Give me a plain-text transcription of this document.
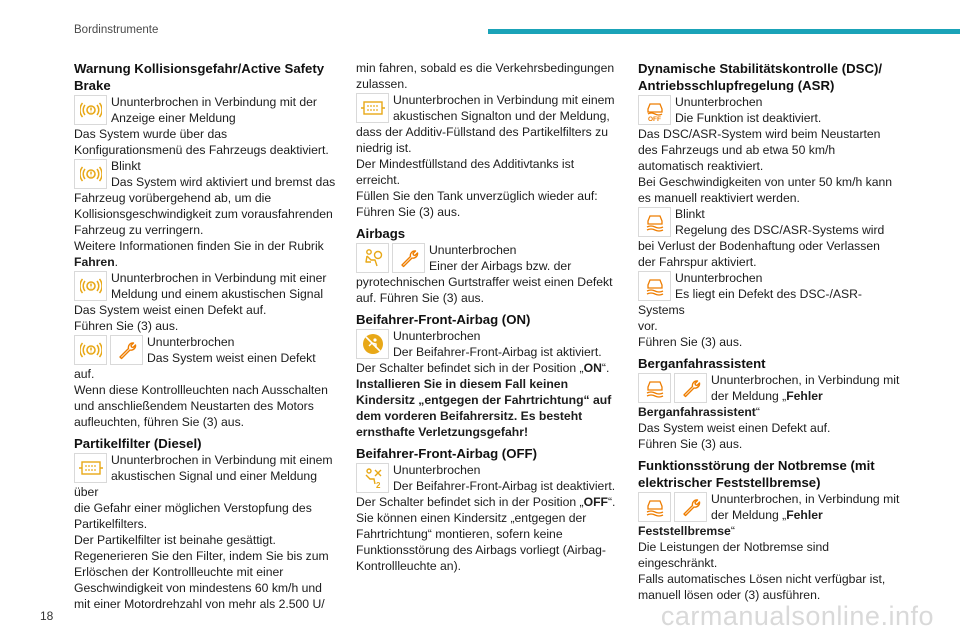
Bordinstrumente
Warnung Kollisionsgefahr/Active Safety Brake
Ununterbrochen in Verbindung mit der Anzeige einer Meldung

Das System wurde über das Konfigurationsmenü des Fahrzeugs deaktiviert.

Blinkt

Das System wird aktiviert und bremst das Fahrzeug vorübergehend ab, um die Kollisionsgeschwindigkeit zum vorausfahrenden Fahrzeug zu verringern.

Weitere Informationen finden Sie in der Rubrik Fahren.

Ununterbrochen in Verbindung mit einer Meldung und einem akustischen Signal

Das System weist einen Defekt auf.

Führen Sie (3) aus.

Ununterbrochen
Das System weist einen Defekt auf.

Wenn diese Kontrollleuchten nach Ausschalten und anschließendem Neustarten des Motors aufleuchten, führen Sie (3) aus.

Partikelfilter (Diesel)
Ununterbrochen in Verbindung mit einem akustischen Signal und einer Meldung über

die Gefahr einer möglichen Verstopfung des Partikelfilters.

Der Partikelfilter ist beinahe gesättigt.

Regenerieren Sie den Filter, indem Sie bis zum Erlöschen der Kontrollleuchte mit einer Geschwindigkeit von mindestens 60 km/h und mit einer Motordrehzahl von mehr als 2.500 U/

min fahren, sobald es die Verkehrsbedingungen zulassen.

Ununterbrochen in Verbindung mit einem akustischen Signalton und der Meldung,

dass der Additiv-Füllstand des Partikelfilters zu niedrig ist.

Der Mindestfüllstand des Additivtanks ist erreicht.

Füllen Sie den Tank unverzüglich wieder auf: Führen Sie (3) aus.

Airbags
Ununterbrochen
Einer der Airbags bzw. der

pyrotechnischen Gurtstraffer weist einen Defekt auf. Führen Sie (3) aus.

Beifahrer-Front-Airbag (ON)
Ununterbrochen
Der Beifahrer-Front-Airbag ist aktiviert.

Der Schalter befindet sich in der Position „ON“.

Installieren Sie in diesem Fall keinen Kindersitz „entgegen der Fahrtrichtung“ auf dem vorderen Beifahrersitz. Es besteht ernsthafte Verletzungsgefahr!

Beifahrer-Front-Airbag (OFF)
2
Ununterbrochen
Der Beifahrer-Front-Airbag ist deaktiviert.

Der Schalter befindet sich in der Position „OFF“.

Sie können einen Kindersitz „entgegen der Fahrtrichtung“ montieren, sofern keine Funktionsstörung des Airbags vorliegt (Airbag-Kontrollleuchte an).

Dynamische Stabilitätskontrolle (DSC)/ Antriebsschlupfregelung (ASR)
OFF
Ununterbrochen
Die Funktion ist deaktiviert.

Das DSC/ASR-System wird beim Neustarten des Fahrzeugs und ab etwa 50 km/h automatisch reaktiviert.

Bei Geschwindigkeiten von unter 50 km/h kann es manuell reaktiviert werden.

Blinkt
Regelung des DSC/ASR-Systems wird

bei Verlust der Bodenhaftung oder Verlassen der Fahrspur aktiviert.

Ununterbrochen
Es liegt ein Defekt des DSC-/ASR-Systems

vor.

Führen Sie (3) aus.

Berganfahrassistent
Ununterbrochen, in Verbindung mit der Meldung „Fehler Berganfahrassistent“

Das System weist einen Defekt auf.

Führen Sie (3) aus.

Funktionsstörung der Notbremse (mit elektrischer Feststellbremse)
Ununterbrochen, in Verbindung mit der Meldung „Fehler Feststellbremse“

Die Leistungen der Notbremse sind eingeschränkt.

Falls automatisches Lösen nicht verfügbar ist, manuell lösen oder (3) ausführen.

18	carmanualsonline.info
